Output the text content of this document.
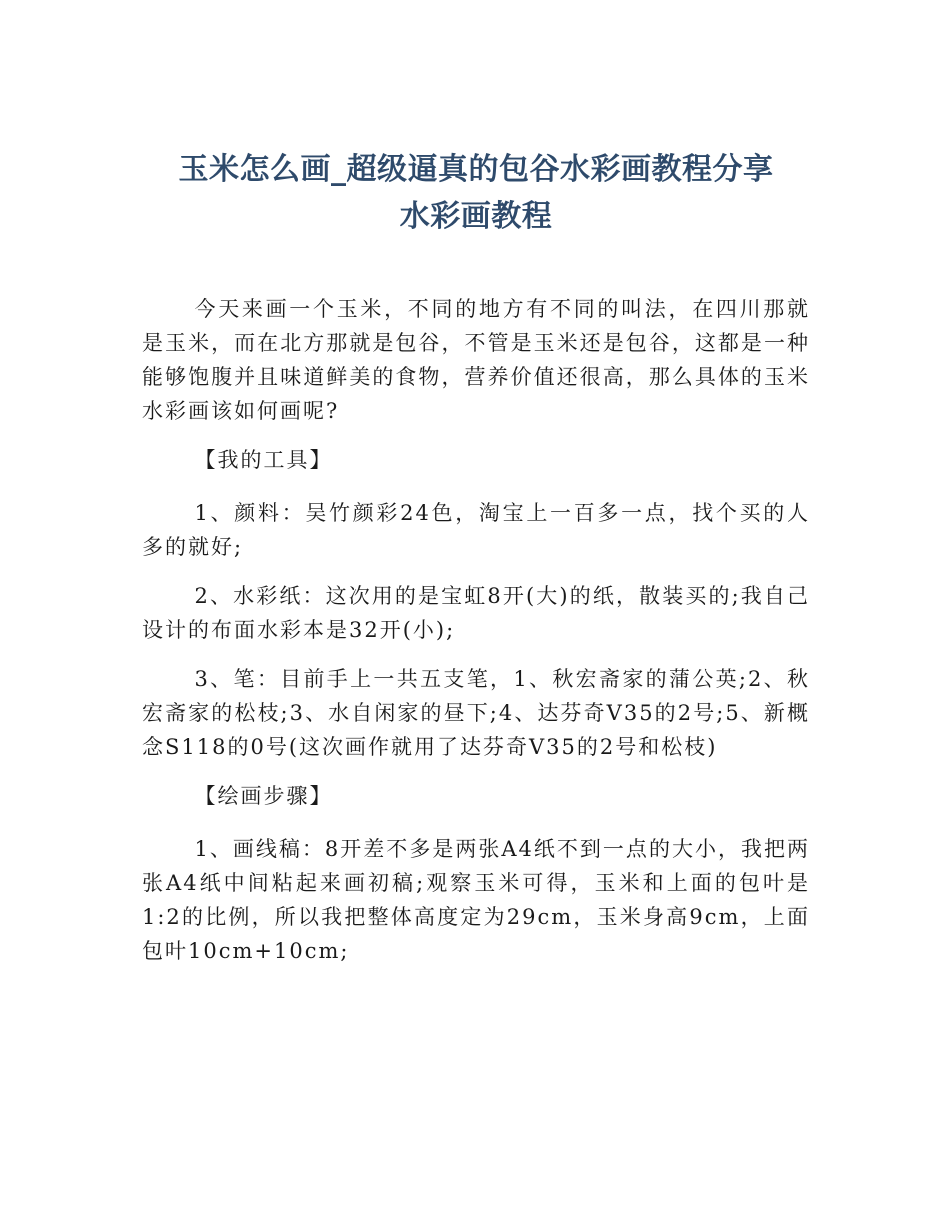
玉米怎么画_超级逼真的包谷水彩画教程分享
水彩画教程

今天来画一个玉米，不同的地方有不同的叫法，在四川那就是玉米，而在北方那就是包谷，不管是玉米还是包谷，这都是一种能够饱腹并且味道鲜美的食物，营养价值还很高，那么具体的玉米水彩画该如何画呢?

【我的工具】

1、颜料：吴竹颜彩24色，淘宝上一百多一点，找个买的人多的就好;

2、水彩纸：这次用的是宝虹8开(大)的纸，散装买的;我自己设计的布面水彩本是32开(小);

3、笔：目前手上一共五支笔，1、秋宏斋家的蒲公英;2、秋宏斋家的松枝;3、水自闲家的昼下;4、达芬奇V35的2号;5、新概念S118的0号(这次画作就用了达芬奇V35的2号和松枝)

【绘画步骤】

1、画线稿：8开差不多是两张A4纸不到一点的大小，我把两张A4纸中间粘起来画初稿;观察玉米可得，玉米和上面的包叶是1:2的比例，所以我把整体高度定为29cm，玉米身高9cm，上面包叶10cm+10cm;
